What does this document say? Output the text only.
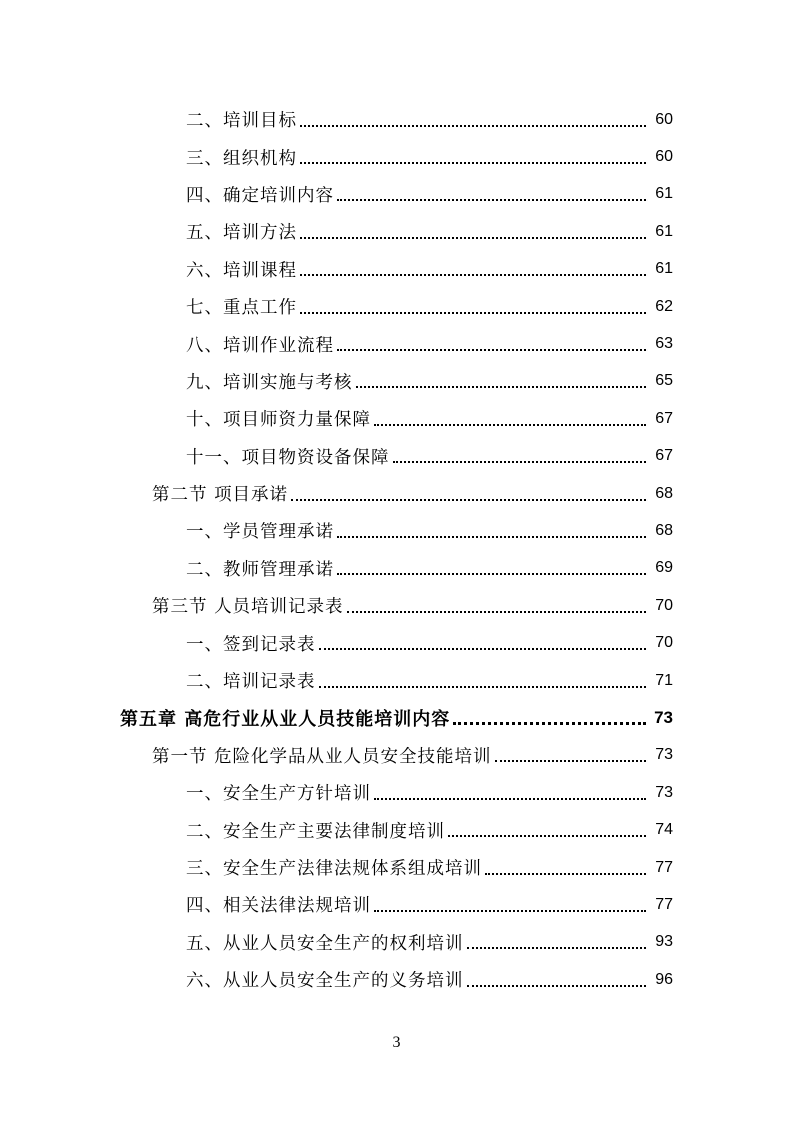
二、培训目标	60
三、组织机构	60
四、确定培训内容	61
五、培训方法	61
六、培训课程	61
七、重点工作	62
八、培训作业流程	63
九、培训实施与考核	65
十、项目师资力量保障	67
十一、项目物资设备保障	67
第二节 项目承诺	68
一、学员管理承诺	68
二、教师管理承诺	69
第三节 人员培训记录表	70
一、签到记录表	70
二、培训记录表	71
第五章 高危行业从业人员技能培训内容	73
第一节 危险化学品从业人员安全技能培训	73
一、安全生产方针培训	73
二、安全生产主要法律制度培训	74
三、安全生产法律法规体系组成培训	77
四、相关法律法规培训	77
五、从业人员安全生产的权利培训	93
六、从业人员安全生产的义务培训	96
3
